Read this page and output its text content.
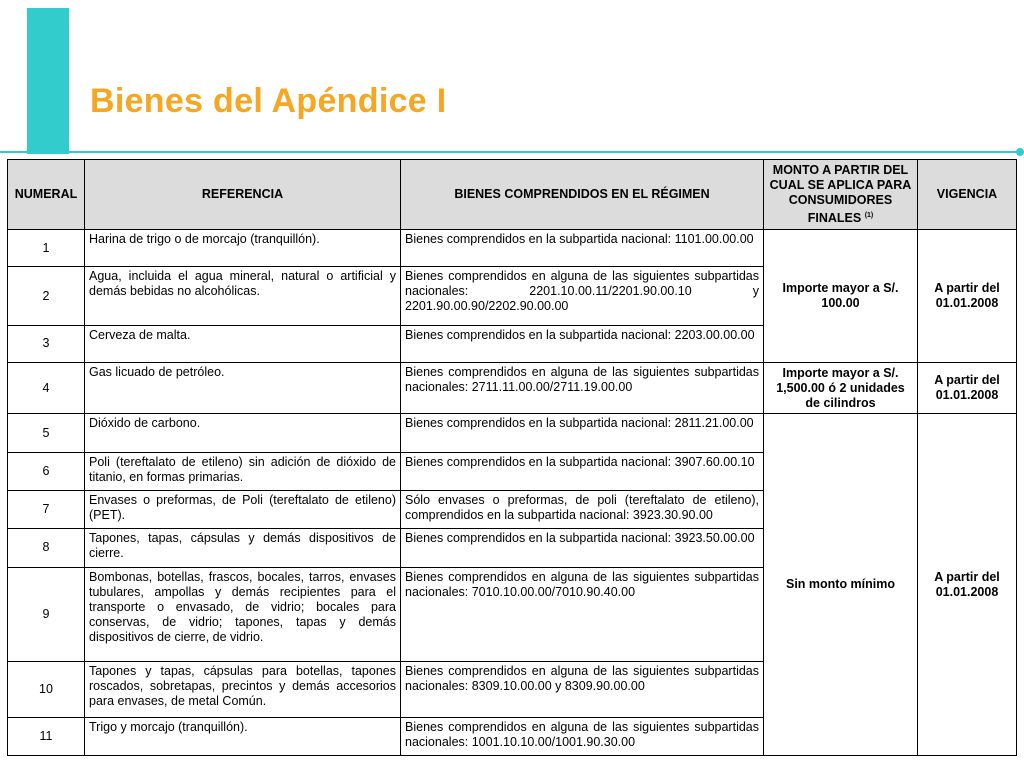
Bienes del Apéndice I
NUMERAL	REFERENCIA	BIENES COMPRENDIDOS EN EL RÉGIMEN	MONTO A PARTIR DEL CUAL SE APLICA PARA CONSUMIDORES FINALES $^{(1)}$	VIGENCIA
1	Harina de trigo o de morcajo (tranquillón).	Bienes comprendidos en la subpartida nacional: 1101.00.00.00	Importe mayor a S/. 100.00	A partir del 01.01.2008
2	Agua, incluida el agua mineral, natural o artificial y demás bebidas no alcohólicas.	Bienes comprendidos en alguna de las siguientes subpartidas nacionales: 2201.10.00.11/2201.90.00.10 y 2201.90.00.90/2202.90.00.00		
3	Cerveza de malta.	Bienes comprendidos en la subpartida nacional: 2203.00.00.00		
4	Gas licuado de petróleo.	Bienes comprendidos en alguna de las siguientes subpartidas nacionales: 2711.11.00.00/2711.19.00.00	Importe mayor a S/. 1,500.00 ó 2 unidades de cilindros	A partir del 01.01.2008
5	Dióxido de carbono.	Bienes comprendidos en la subpartida nacional: 2811.21.00.00	Sin monto mínimo	A partir del 01.01.2008
6	Poli (tereftalato de etileno) sin adición de dióxido de titanio, en formas primarias.	Bienes comprendidos en la subpartida nacional: 3907.60.00.10		
7	Envases o preformas, de Poli (tereftalato de etileno) (PET).	Sólo envases o preformas, de poli (tereftalato de etileno), comprendidos en la subpartida nacional: 3923.30.90.00		
8	Tapones, tapas, cápsulas y demás dispositivos de cierre.	Bienes comprendidos en la subpartida nacional: 3923.50.00.00		
9	Bombonas, botellas, frascos, bocales, tarros, envases tubulares, ampollas y demás recipientes para el transporte o envasado, de vidrio; bocales para conservas, de vidrio; tapones, tapas y demás dispositivos de cierre, de vidrio.	Bienes comprendidos en alguna de las siguientes subpartidas nacionales: 7010.10.00.00/7010.90.40.00		
10	Tapones y tapas, cápsulas para botellas, tapones roscados, sobretapas, precintos y demás accesorios para envases, de metal Común.	Bienes comprendidos en alguna de las siguientes subpartidas nacionales: 8309.10.00.00 y 8309.90.00.00		
11	Trigo y morcajo (tranquillón).	Bienes comprendidos en alguna de las siguientes subpartidas nacionales: 1001.10.10.00/1001.90.30.00		
